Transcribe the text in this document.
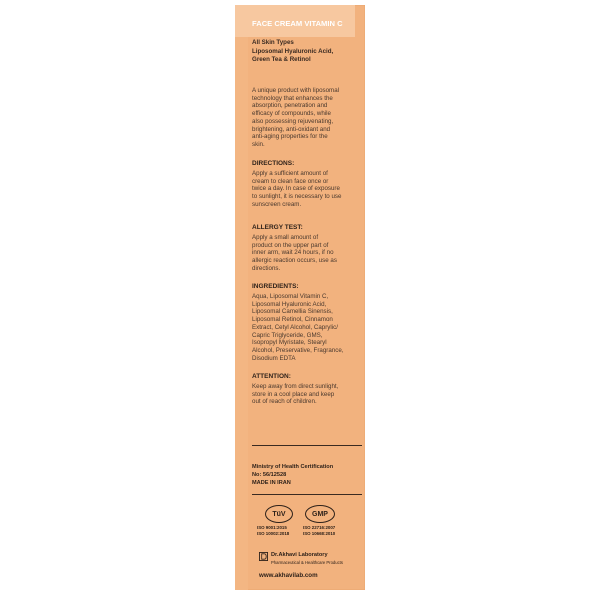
FACE CREAM VITAMIN C
All Skin Types
Liposomal Hyaluronic Acid,
Green Tea & Retinol
A unique product with liposomal
technology that enhances the
absorption, penetration and
efficacy of compounds, while
also possessing rejuvenating,
brightening, anti-oxidant and
anti-aging properties for the
skin.
DIRECTIONS:
Apply a sufficient amount of
cream to clean face once or
twice a day. In case of exposure
to sunlight, it is necessary to use
sunscreen cream.
ALLERGY TEST:
Apply a small amount of
product on the upper part of
inner arm, wait 24 hours, if no
allergic reaction occurs, use as
directions.
INGREDIENTS:
Aqua, Liposomal Vitamin C,
Liposomal Hyaluronic Acid,
Liposomal Camellia Sinensis,
Liposomal Retinol, Cinnamon
Extract, Cetyl Alcohol, Caprylic/
Capric Triglyceride, GMS,
Isopropyl Myristate, Stearyl
Alcohol, Preservative, Fragrance,
Disodium EDTA
ATTENTION:
Keep away from direct sunlight,
store in a cool place and keep
out of reach of children.
Ministry of Health Certification
No: 56/12528
MADE IN IRAN
TüV
ISO 9001:2015
ISO 10002:2018
GMP
ISO 22716:2007
ISO 10668:2010
Dr.Akhavi Laboratory
Pharmaceutical & Healthcare Products
www.akhavilab.com
